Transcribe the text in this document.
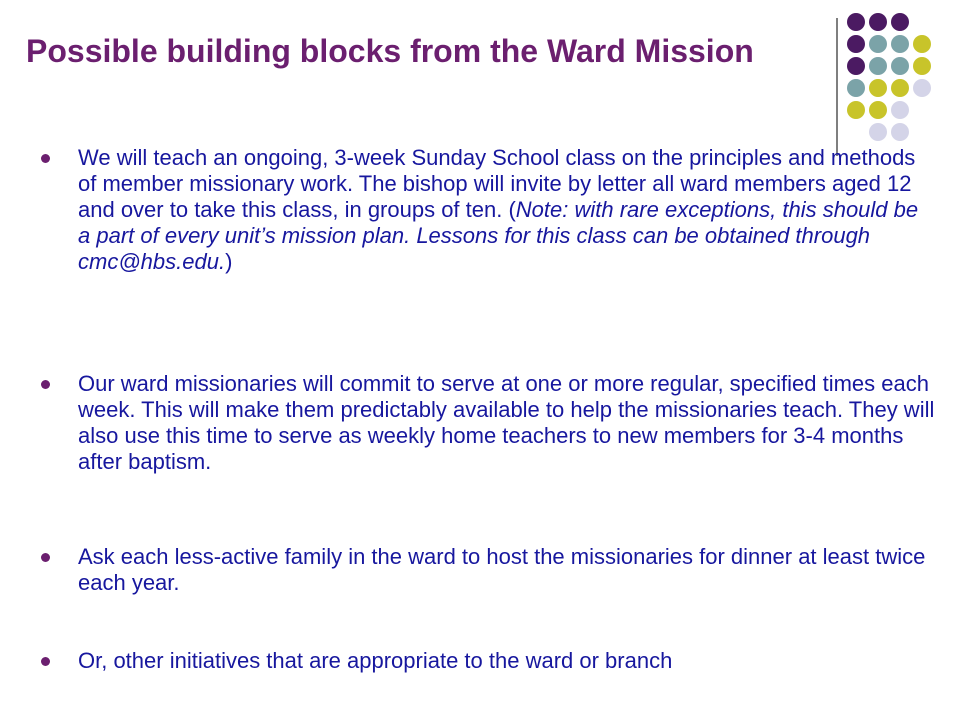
Possible building blocks from the Ward Mission
We will teach an ongoing, 3-week Sunday School class on the principles and methods of member missionary work. The bishop will invite by letter all ward members aged 12 and over to take this class, in groups of ten. (Note: with rare exceptions, this should be a part of every unit’s mission plan. Lessons for this class can be obtained through cmc@hbs.edu.)
Our ward missionaries will commit to serve at one or more regular, specified times each week. This will make them predictably available to help the missionaries teach. They will also use this time to serve as weekly home teachers to new members for 3-4 months after baptism.
Ask each less-active family in the ward to host the missionaries for dinner at least twice each year.
Or, other initiatives that are appropriate to the ward or branch
